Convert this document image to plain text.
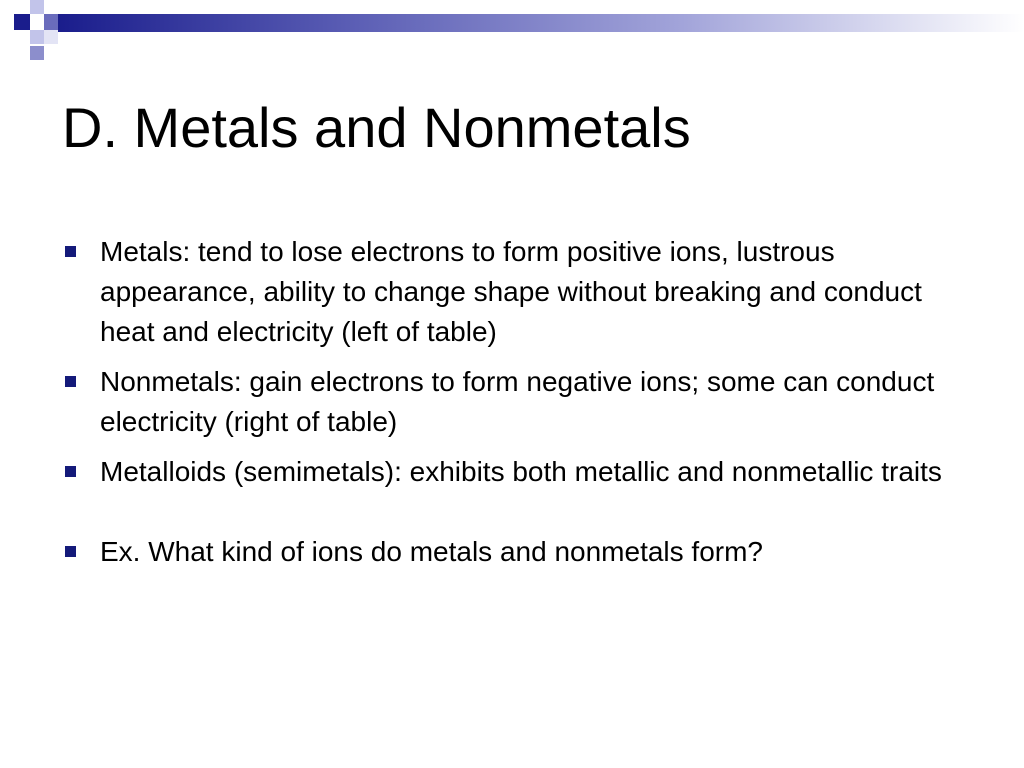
D. Metals and Nonmetals
Metals: tend to lose electrons to form positive ions, lustrous appearance, ability to change shape without breaking and conduct heat and electricity (left of table)
Nonmetals: gain electrons to form negative ions; some can conduct electricity (right of table)
Metalloids (semimetals): exhibits both metallic and nonmetallic traits
Ex. What kind of ions do metals and nonmetals form?
